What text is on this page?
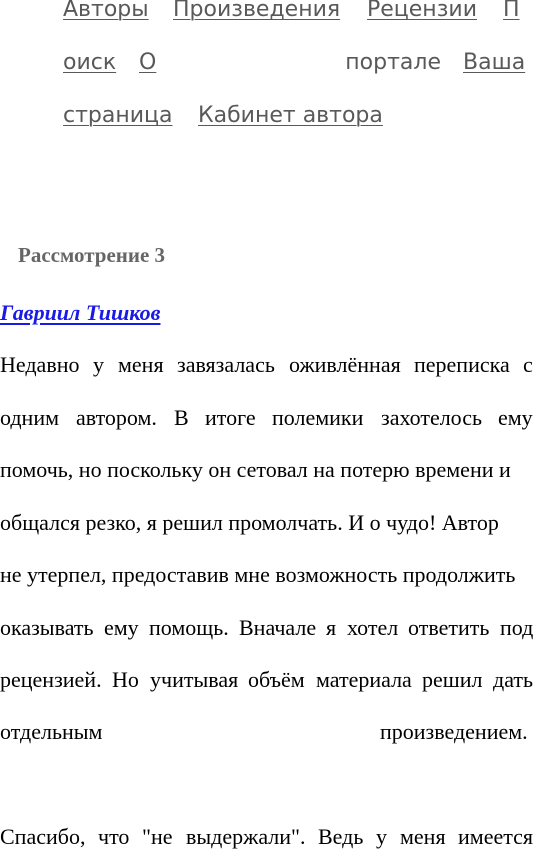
Авторы Произведения Рецензии П
оиск О	портале Ваша
страница Кабинет автора
Рассмотрение 3
Гавриил Тишков
Недавно у меня завязалась оживлённая переписка с
одним автором. В итоге полемики захотелось ему
помочь, но поскольку он сетовал на потерю времени и
общался резко, я решил промолчать. И о чудо! Автор
не утерпел, предоставив мне возможность продолжить
оказывать ему помощь. Вначале я хотел ответить под
рецензией. Но учитывая объём материала решил дать
отдельным	произведением.
Спасибо, что "не выдержали". Ведь у меня имеется
